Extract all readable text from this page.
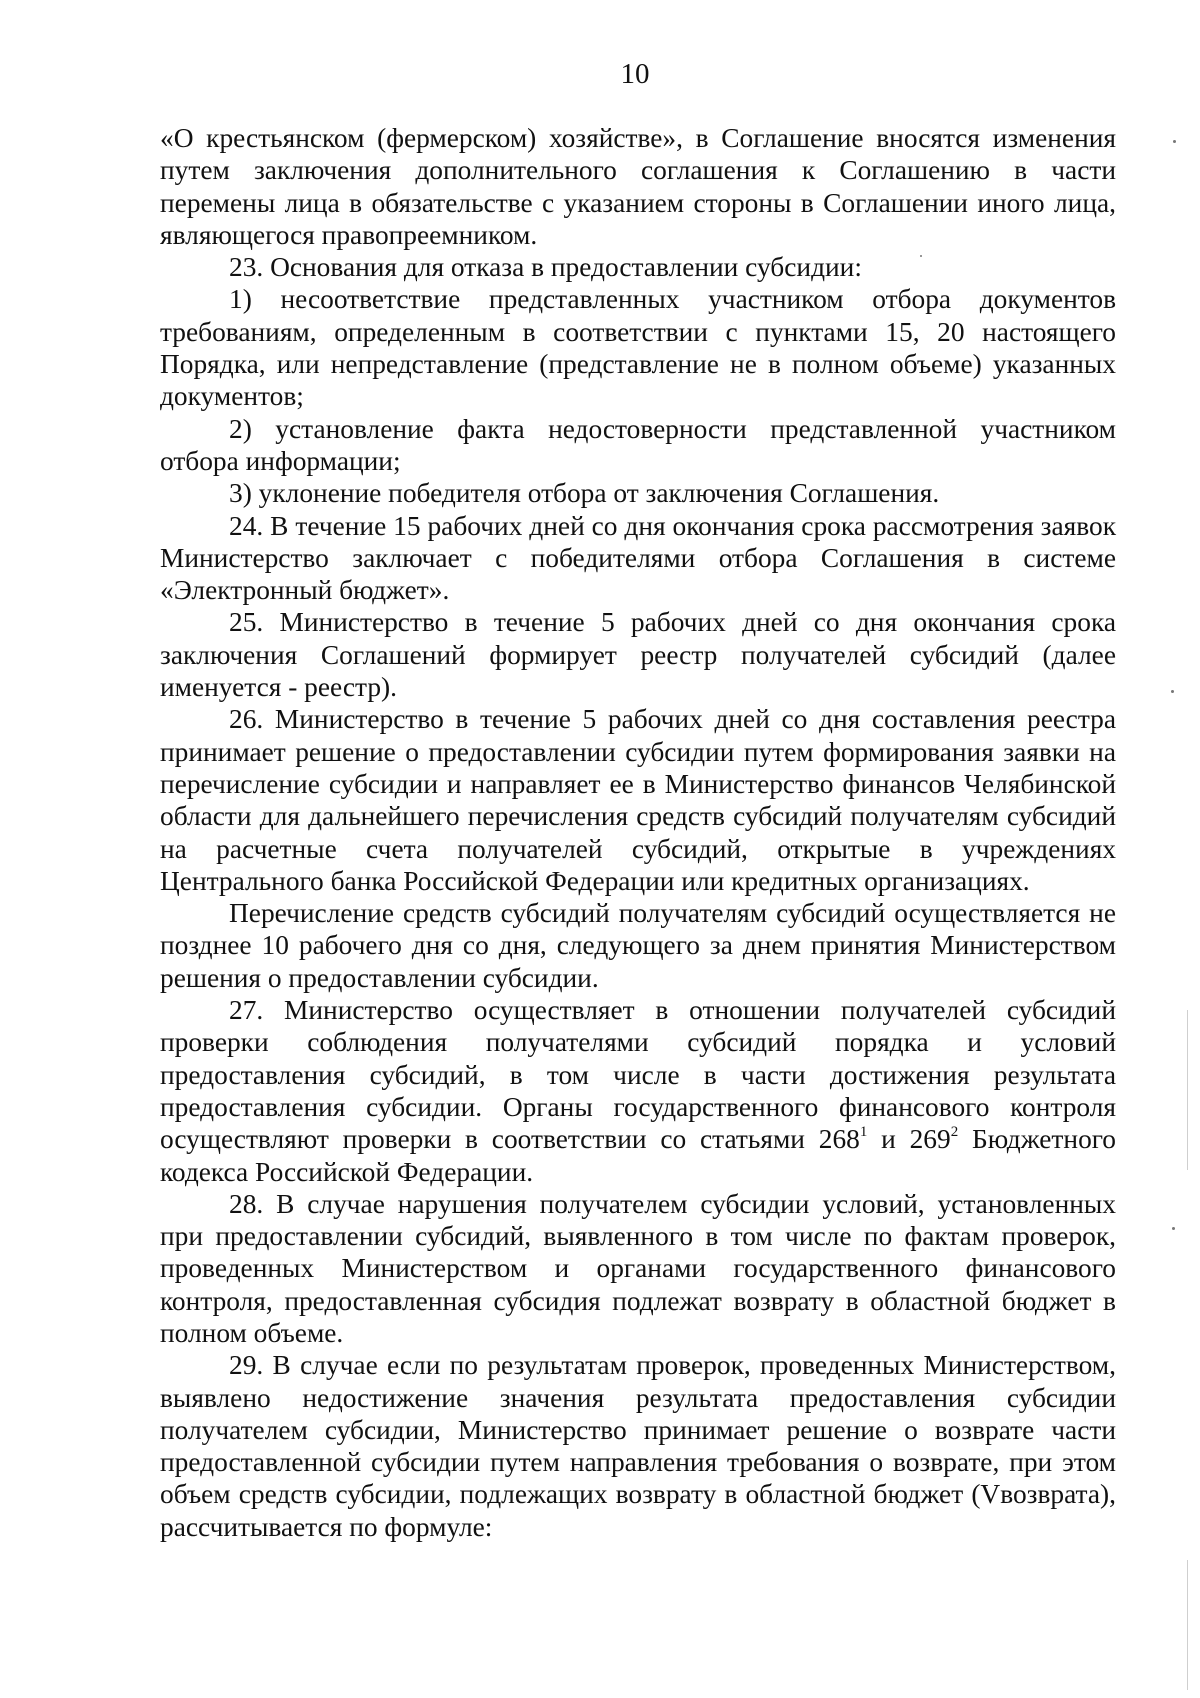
10

«О крестьянском (фермерском) хозяйстве», в Соглашение вносятся изменения путем заключения дополнительного соглашения к Соглашению в части перемены лица в обязательстве с указанием стороны в Соглашении иного лица, являющегося правопреемником.

23. Основания для отказа в предоставлении субсидии:

1) несоответствие представленных участником отбора документов требованиям, определенным в соответствии с пунктами 15, 20 настоящего Порядка, или непредставление (представление не в полном объеме) указанных документов;

2) установление факта недостоверности представленной участником отбора информации;

3) уклонение победителя отбора от заключения Соглашения.

24. В течение 15 рабочих дней со дня окончания срока рассмотрения заявок Министерство заключает с победителями отбора Соглашения в системе «Электронный бюджет».

25. Министерство в течение 5 рабочих дней со дня окончания срока заключения Соглашений формирует реестр получателей субсидий (далее именуется - реестр).

26. Министерство в течение 5 рабочих дней со дня составления реестра принимает решение о предоставлении субсидии путем формирования заявки на перечисление субсидии и направляет ее в Министерство финансов Челябинской области для дальнейшего перечисления средств субсидий получателям субсидий на расчетные счета получателей субсидий, открытые в учреждениях Центрального банка Российской Федерации или кредитных организациях.

Перечисление средств субсидий получателям субсидий осуществляется не позднее 10 рабочего дня со дня, следующего за днем принятия Министерством решения о предоставлении субсидии.

27. Министерство осуществляет в отношении получателей субсидий проверки соблюдения получателями субсидий порядка и условий предоставления субсидий, в том числе в части достижения результата предоставления субсидии. Органы государственного финансового контроля осуществляют проверки в соответствии со статьями $268^1$ и $269^2$ Бюджетного кодекса Российской Федерации.

28. В случае нарушения получателем субсидии условий, установленных при предоставлении субсидий, выявленного в том числе по фактам проверок, проведенных Министерством и органами государственного финансового контроля, предоставленная субсидия подлежат возврату в областной бюджет в полном объеме.

29. В случае если по результатам проверок, проведенных Министерством, выявлено недостижение значения результата предоставления субсидии получателем субсидии, Министерство принимает решение о возврате части предоставленной субсидии путем направления требования о возврате, при этом объем средств субсидии, подлежащих возврату в областной бюджет (Vвозврата), рассчитывается по формуле:
